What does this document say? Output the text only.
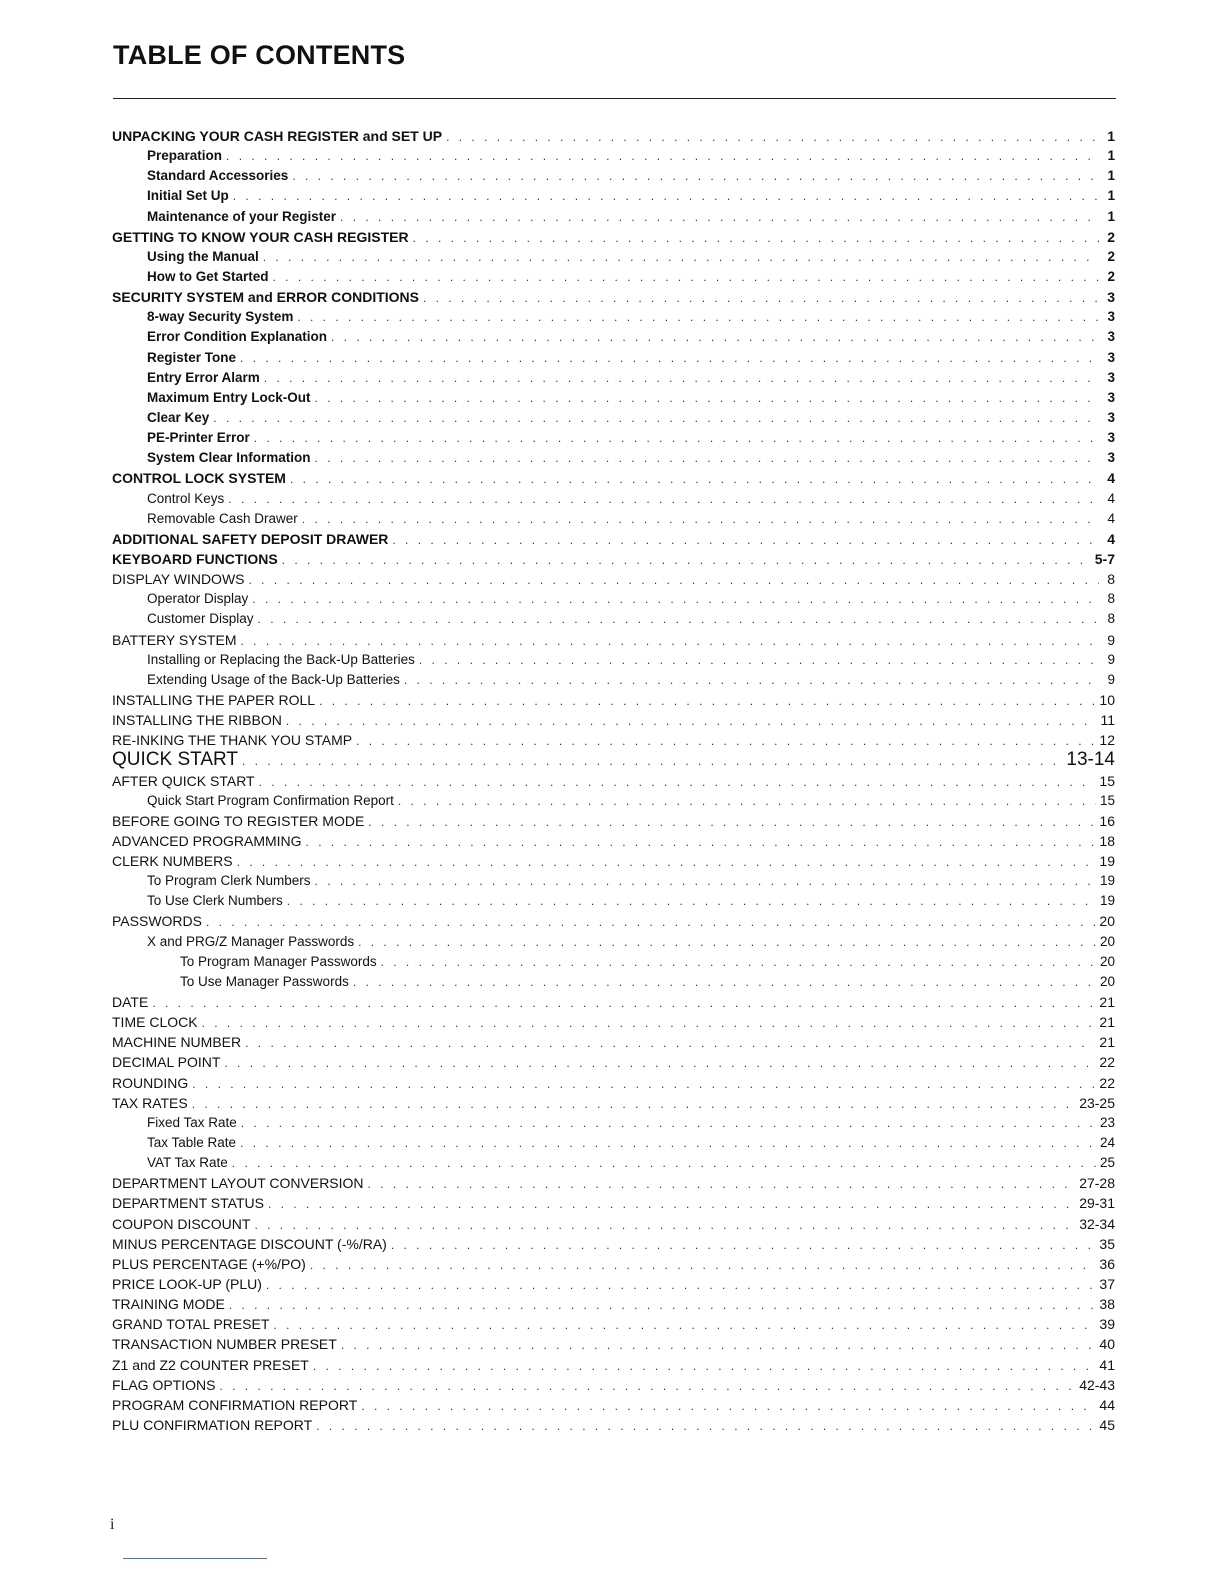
TABLE OF CONTENTS
UNPACKING YOUR CASH REGISTER and SET UP . . .	1
Preparation . . .	1
Standard Accessories . . .	1
Initial Set Up . . .	1
Maintenance of your Register . . .	1
GETTING TO KNOW YOUR CASH REGISTER . . .	2
Using the Manual . . .	2
How to Get Started . . .	2
SECURITY SYSTEM and ERROR CONDITIONS . . .	3
8-way Security System . . .	3
Error Condition Explanation . . .	3
Register Tone . . .	3
Entry Error Alarm . . .	3
Maximum Entry Lock-Out . . .	3
Clear Key . . .	3
PE-Printer Error . . .	3
System Clear Information . . .	3
CONTROL LOCK SYSTEM . . .	4
Control Keys . . .	4
Removable Cash Drawer . . .	4
ADDITIONAL SAFETY DEPOSIT DRAWER . . .	4
KEYBOARD FUNCTIONS . . .	5-7
DISPLAY WINDOWS . . .	8
Operator Display . . .	8
Customer Display . . .	8
BATTERY SYSTEM . . .	9
Installing or Replacing the Back-Up Batteries . . .	9
Extending Usage of the Back-Up Batteries . . .	9
INSTALLING THE PAPER ROLL . . .	10
INSTALLING THE RIBBON . . .	11
RE-INKING THE THANK YOU STAMP . . .	12
QUICK START . . .	13-14
AFTER QUICK START . . .	15
Quick Start Program Confirmation Report . . .	15
BEFORE GOING TO REGISTER MODE . . .	16
ADVANCED PROGRAMMING . . .	18
CLERK NUMBERS . . .	19
To Program Clerk Numbers . . .	19
To Use Clerk Numbers . . .	19
PASSWORDS . . .	20
X and PRG/Z Manager Passwords . . .	20
To Program Manager Passwords . . .	20
To Use Manager Passwords . . .	20
DATE . . .	21
TIME CLOCK . . .	21
MACHINE NUMBER . . .	21
DECIMAL POINT . . .	22
ROUNDING . . .	22
TAX RATES . . .	23-25
Fixed Tax Rate . . .	23
Tax Table Rate . . .	24
VAT Tax Rate . . .	25
DEPARTMENT LAYOUT CONVERSION . . .	27-28
DEPARTMENT STATUS . . .	29-31
COUPON DISCOUNT . . .	32-34
MINUS PERCENTAGE DISCOUNT (-%/RA) . . .	35
PLUS PERCENTAGE (+%/PO) . . .	36
PRICE LOOK-UP (PLU) . . .	37
TRAINING MODE . . .	38
GRAND TOTAL PRESET . . .	39
TRANSACTION NUMBER PRESET . . .	40
Z1 and Z2 COUNTER PRESET . . .	41
FLAG OPTIONS . . .	42-43
PROGRAM CONFIRMATION REPORT . . .	44
PLU CONFIRMATION REPORT . . .	45
i
